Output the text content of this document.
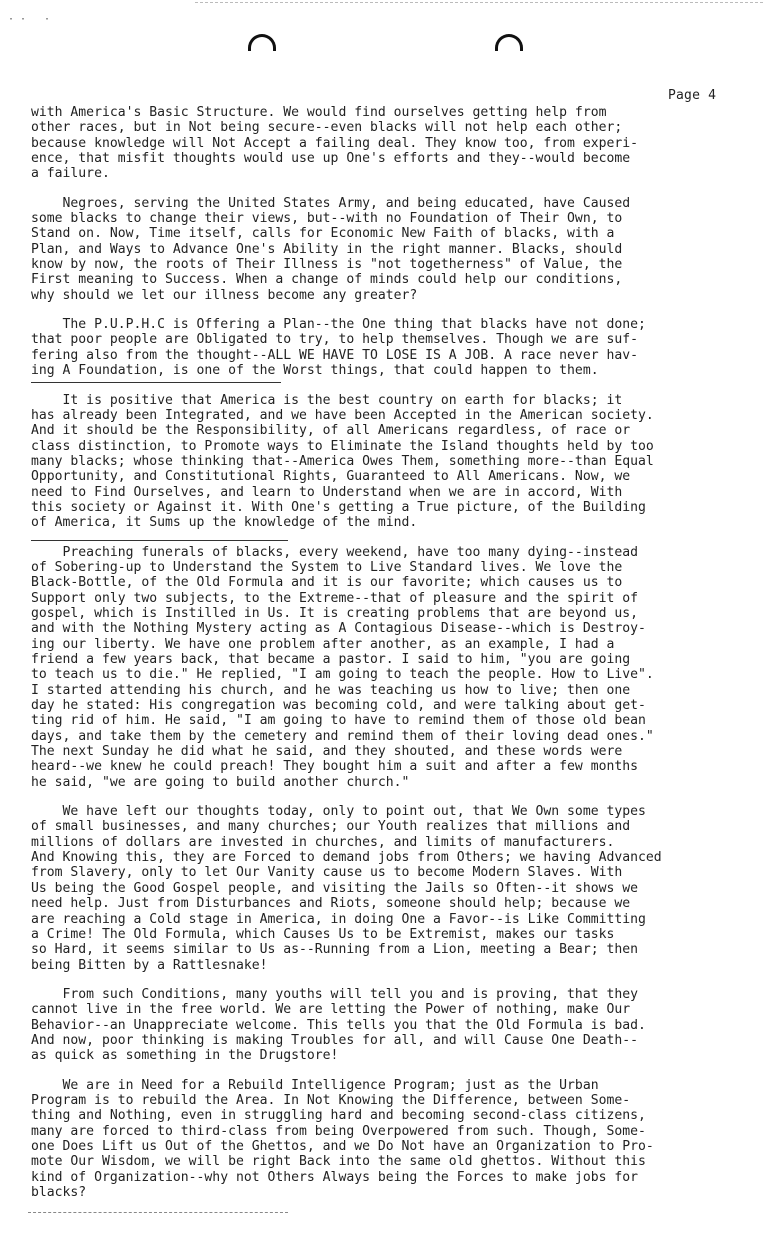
·· ·
Page 4

with America's Basic Structure. We would find ourselves getting help from
other races, but in Not being secure--even blacks will not help each other;
because knowledge will Not Accept a failing deal. They know too, from experi-
ence, that misfit thoughts would use up One's efforts and they--would become
a failure.

Negroes, serving the United States Army, and being educated, have Caused
some blacks to change their views, but--with no Foundation of Their Own, to
Stand on. Now, Time itself, calls for Economic New Faith of blacks, with a
Plan, and Ways to Advance One's Ability in the right manner. Blacks, should
know by now, the roots of Their Illness is "not togetherness" of Value, the
First meaning to Success. When a change of minds could help our conditions,
why should we let our illness become any greater?

The P.U.P.H.C is Offering a Plan--the One thing that blacks have not done;
that poor people are Obligated to try, to help themselves. Though we are suf-
fering also from the thought--ALL WE HAVE TO LOSE IS A JOB. A race never hav-
ing A Foundation, is one of the Worst things, that could happen to them.

It is positive that America is the best country on earth for blacks; it
has already been Integrated, and we have been Accepted in the American society.
And it should be the Responsibility, of all Americans regardless, of race or
class distinction, to Promote ways to Eliminate the Island thoughts held by too
many blacks; whose thinking that--America Owes Them, something more--than Equal
Opportunity, and Constitutional Rights, Guaranteed to All Americans. Now, we
need to Find Ourselves, and learn to Understand when we are in accord, With
this society or Against it. With One's getting a True picture, of the Building
of America, it Sums up the knowledge of the mind.

Preaching funerals of blacks, every weekend, have too many dying--instead
of Sobering-up to Understand the System to Live Standard lives. We love the
Black-Bottle, of the Old Formula and it is our favorite; which causes us to
Support only two subjects, to the Extreme--that of pleasure and the spirit of
gospel, which is Instilled in Us. It is creating problems that are beyond us,
and with the Nothing Mystery acting as A Contagious Disease--which is Destroy-
ing our liberty. We have one problem after another, as an example, I had a
friend a few years back, that became a pastor. I said to him, "you are going
to teach us to die." He replied, "I am going to teach the people. How to Live".
I started attending his church, and he was teaching us how to live; then one
day he stated: His congregation was becoming cold, and were talking about get-
ting rid of him. He said, "I am going to have to remind them of those old bean
days, and take them by the cemetery and remind them of their loving dead ones."
The next Sunday he did what he said, and they shouted, and these words were
heard--we knew he could preach! They bought him a suit and after a few months
he said, "we are going to build another church."

We have left our thoughts today, only to point out, that We Own some types
of small businesses, and many churches; our Youth realizes that millions and
millions of dollars are invested in churches, and limits of manufacturers.
And Knowing this, they are Forced to demand jobs from Others; we having Advanced
from Slavery, only to let Our Vanity cause us to become Modern Slaves. With
Us being the Good Gospel people, and visiting the Jails so Often--it shows we
need help. Just from Disturbances and Riots, someone should help; because we
are reaching a Cold stage in America, in doing One a Favor--is Like Committing
a Crime! The Old Formula, which Causes Us to be Extremist, makes our tasks
so Hard, it seems similar to Us as--Running from a Lion, meeting a Bear; then
being Bitten by a Rattlesnake!

From such Conditions, many youths will tell you and is proving, that they
cannot live in the free world. We are letting the Power of nothing, make Our
Behavior--an Unappreciate welcome. This tells you that the Old Formula is bad.
And now, poor thinking is making Troubles for all, and will Cause One Death--
as quick as something in the Drugstore!

We are in Need for a Rebuild Intelligence Program; just as the Urban
Program is to rebuild the Area. In Not Knowing the Difference, between Some-
thing and Nothing, even in struggling hard and becoming second-class citizens,
many are forced to third-class from being Overpowered from such. Though, Some-
one Does Lift us Out of the Ghettos, and we Do Not have an Organization to Pro-
mote Our Wisdom, we will be right Back into the same old ghettos. Without this
kind of Organization--why not Others Always being the Forces to make jobs for
blacks?
